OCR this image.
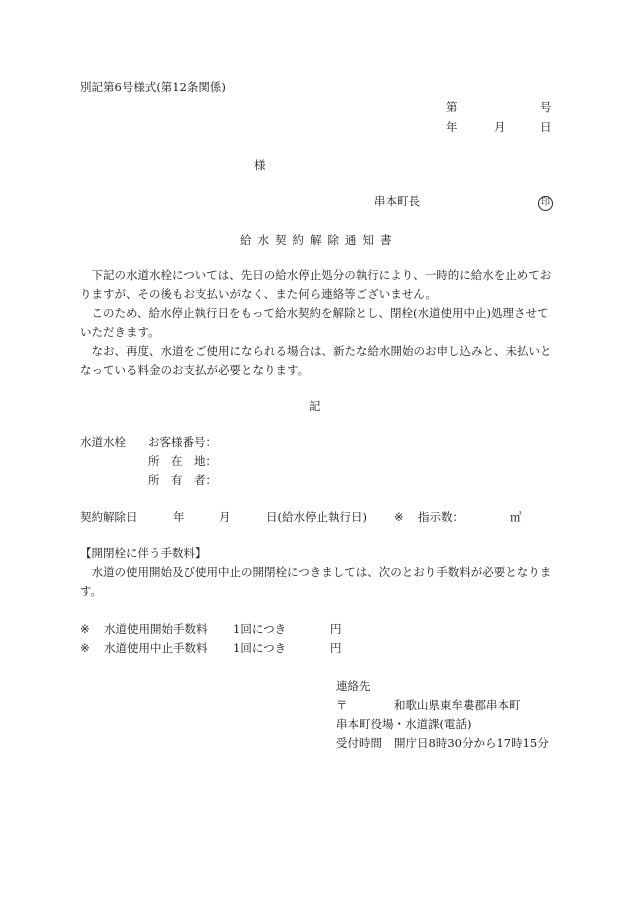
別記第6号様式(第12条関係)
第	号
年	月	日
様
串本町長	印
給水契約解除通知書

下記の水道水栓については、先日の給水停止処分の執行により、一時的に給水を止めておりますが、その後もお支払いがなく、また何ら連絡等ございません。

このため、給水停止執行日をもって給水契約を解除とし、閉栓(水道使用中止)処理させていただきます。

なお、再度、水道をご使用になられる場合は、新たな給水開始のお申し込みと、未払いとなっている料金のお支払が必要となります。

記
水道水栓 お客様番号：
所　在　地：
所　有　者：
契約解除日	年	月	日(給水停止執行日) ※ 指示数：	㎥
【開閉栓に伴う手数料】

水道の使用開始及び使用中止の開閉栓につきましては、次のとおり手数料が必要となります。

※ 水道使用開始手数料 1回につき	円
※ 水道使用中止手数料 1回につき	円
連絡先
〒	和歌山県東牟婁郡串本町
串本町役場・水道課(電話)
受付時間 開庁日8時30分から17時15分
